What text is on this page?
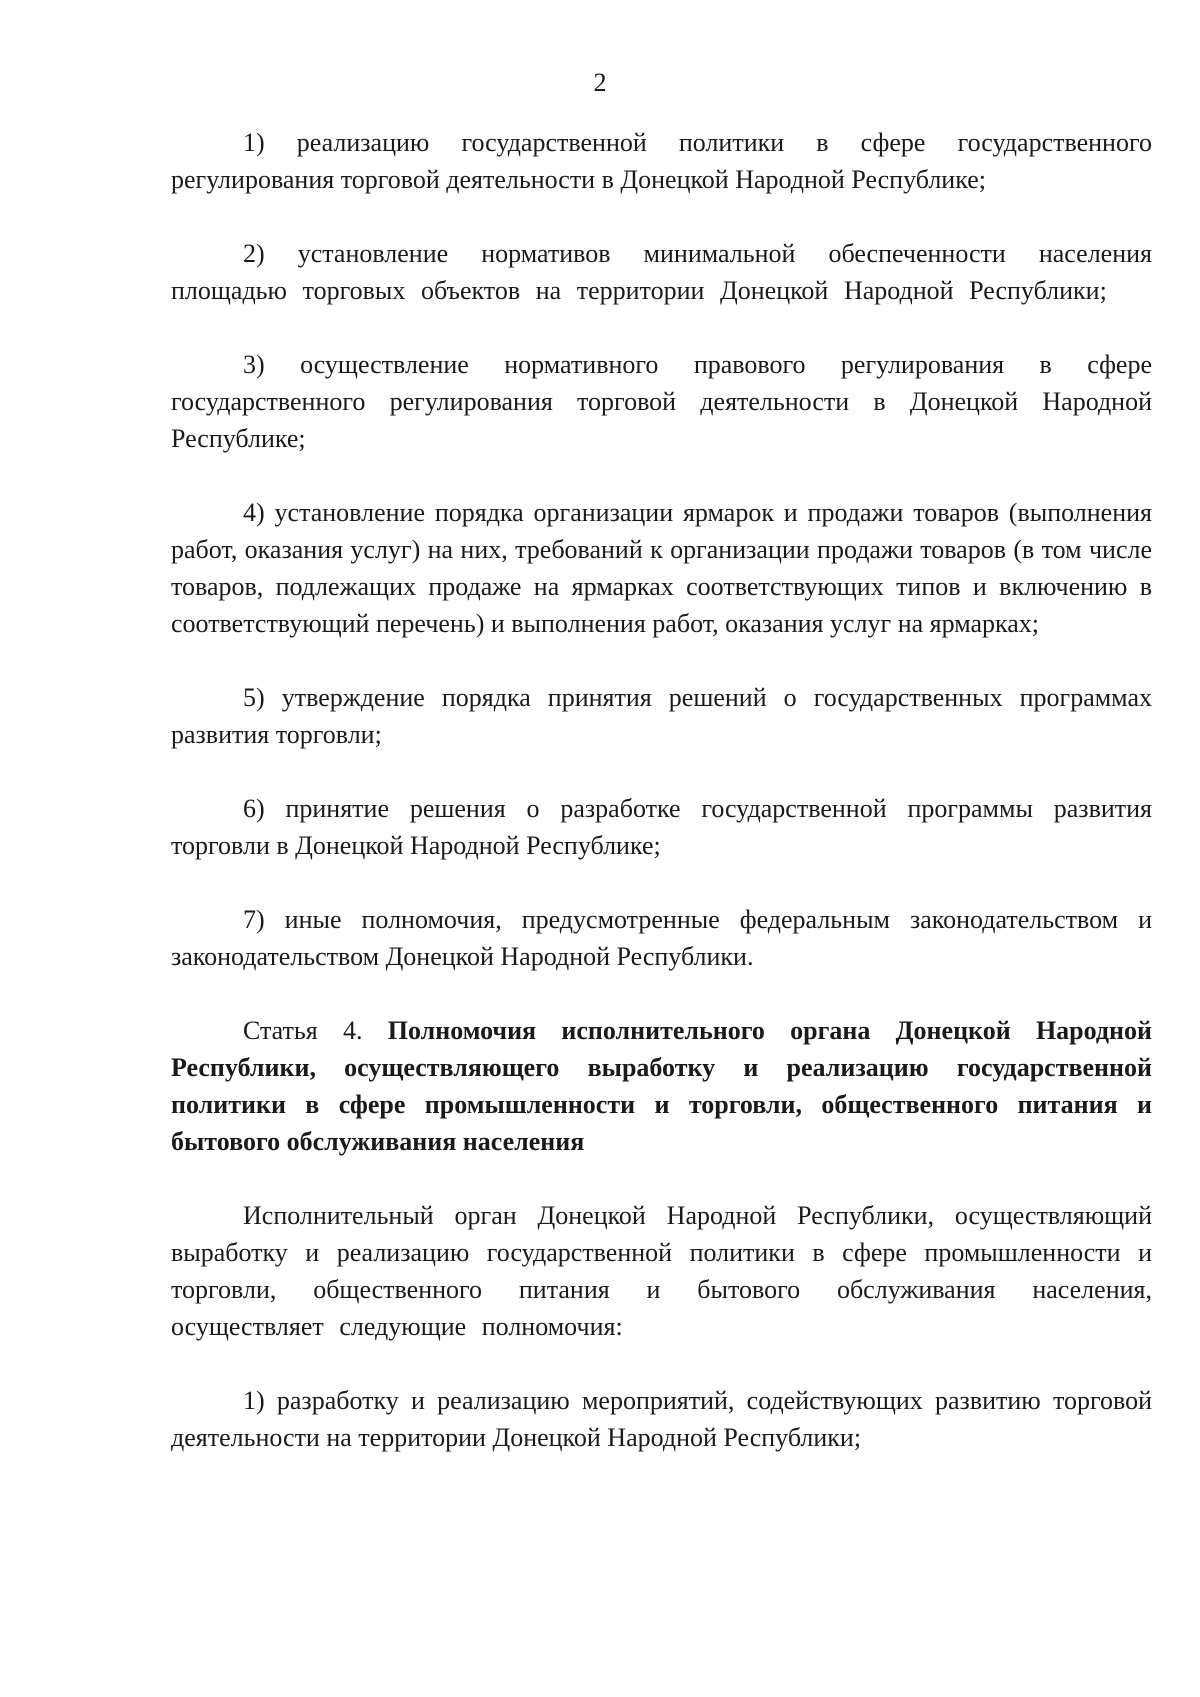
2

1) реализацию государственной политики в сфере государственного регулирования торговой деятельности в Донецкой Народной Республике;

2) установление нормативов минимальной обеспеченности населения площадью торговых объектов на территории Донецкой Народной Республики;

3) осуществление нормативного правового регулирования в сфере государственного регулирования торговой деятельности в Донецкой Народной Республике;

4) установление порядка организации ярмарок и продажи товаров (выполнения работ, оказания услуг) на них, требований к организации продажи товаров (в том числе товаров, подлежащих продаже на ярмарках соответствующих типов и включению в соответствующий перечень) и выполнения работ, оказания услуг на ярмарках;

5) утверждение порядка принятия решений о государственных программах развития торговли;

6) принятие решения о разработке государственной программы развития торговли в Донецкой Народной Республике;

7) иные полномочия, предусмотренные федеральным законодательством и законодательством Донецкой Народной Республики.

Статья 4. Полномочия исполнительного органа Донецкой Народной Республики, осуществляющего выработку и реализацию государственной политики в сфере промышленности и торговли, общественного питания и бытового обслуживания населения

Исполнительный орган Донецкой Народной Республики, осуществляющий выработку и реализацию государственной политики в сфере промышленности и торговли, общественного питания и бытового обслуживания населения, осуществляет следующие полномочия:

1) разработку и реализацию мероприятий, содействующих развитию торговой деятельности на территории Донецкой Народной Республики;
